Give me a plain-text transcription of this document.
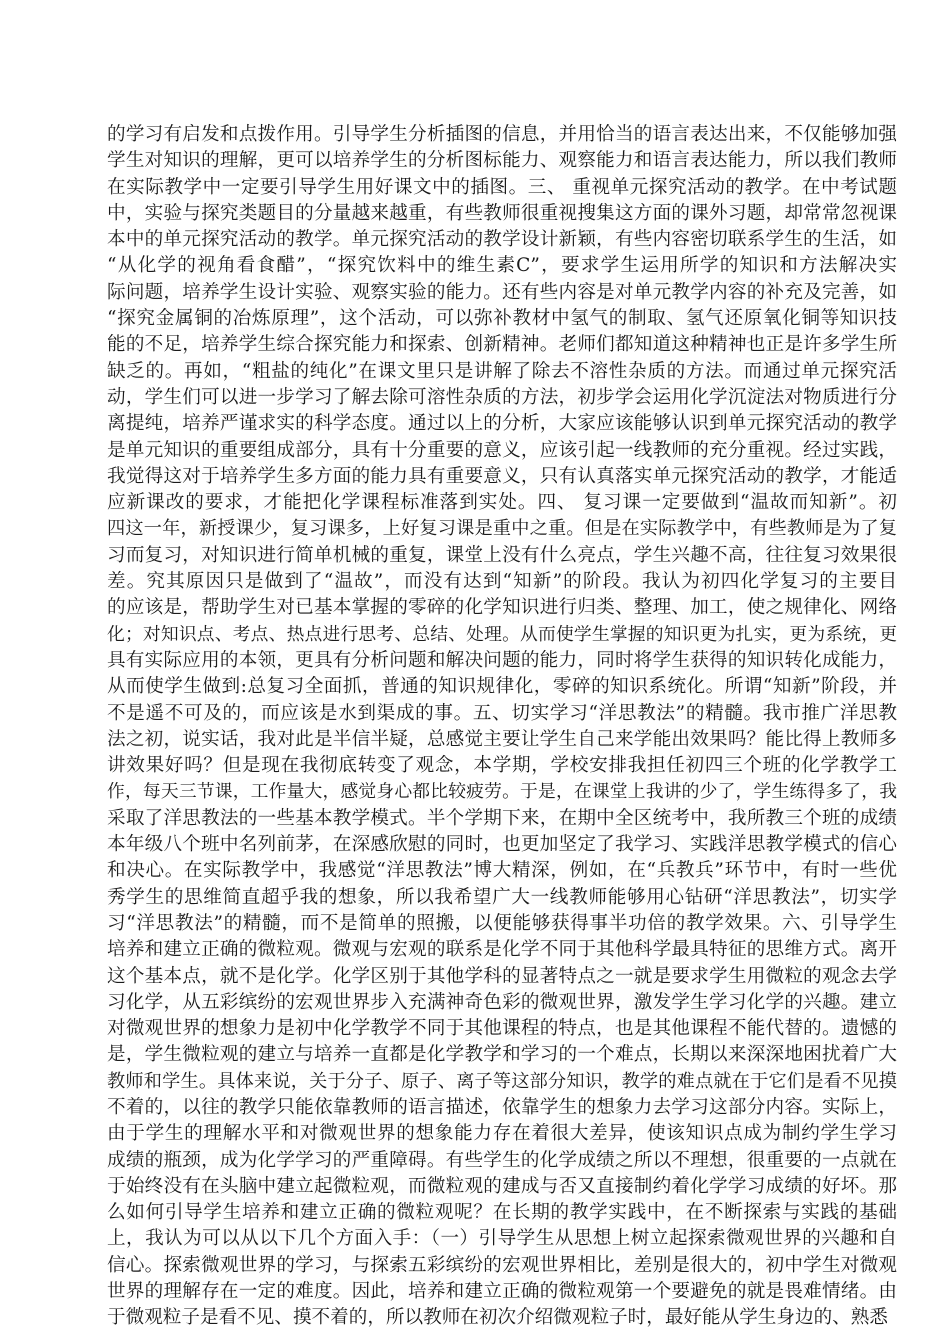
的学习有启发和点拨作用。引导学生分析插图的信息，并用恰当的语言表达出来，不仅能够加强
学生对知识的理解，更可以培养学生的分析图标能力、观察能力和语言表达能力，所以我们教师
在实际教学中一定要引导学生用好课文中的插图。三、 重视单元探究活动的教学。在中考试题
中，实验与探究类题目的分量越来越重，有些教师很重视搜集这方面的课外习题，却常常忽视课
本中的单元探究活动的教学。单元探究活动的教学设计新颖，有些内容密切联系学生的生活，如
“从化学的视角看食醋”，“探究饮料中的维生素C”，要求学生运用所学的知识和方法解决实
际问题，培养学生设计实验、观察实验的能力。还有些内容是对单元教学内容的补充及完善，如
“探究金属铜的冶炼原理”，这个活动，可以弥补教材中氢气的制取、氢气还原氧化铜等知识技
能的不足，培养学生综合探究能力和探索、创新精神。老师们都知道这种精神也正是许多学生所
缺乏的。再如，“粗盐的纯化”在课文里只是讲解了除去不溶性杂质的方法。而通过单元探究活
动，学生们可以进一步学习了解去除可溶性杂质的方法，初步学会运用化学沉淀法对物质进行分
离提纯，培养严谨求实的科学态度。通过以上的分析，大家应该能够认识到单元探究活动的教学
是单元知识的重要组成部分，具有十分重要的意义，应该引起一线教师的充分重视。经过实践，
我觉得这对于培养学生多方面的能力具有重要意义，只有认真落实单元探究活动的教学，才能适
应新课改的要求，才能把化学课程标准落到实处。四、 复习课一定要做到“温故而知新”。初
四这一年，新授课少，复习课多，上好复习课是重中之重。但是在实际教学中，有些教师是为了复
习而复习，对知识进行简单机械的重复，课堂上没有什么亮点，学生兴趣不高，往往复习效果很
差。究其原因只是做到了“温故”，而没有达到“知新”的阶段。我认为初四化学复习的主要目
的应该是，帮助学生对已基本掌握的零碎的化学知识进行归类、整理、加工，使之规律化、网络
化；对知识点、考点、热点进行思考、总结、处理。从而使学生掌握的知识更为扎实，更为系统，更
具有实际应用的本领，更具有分析问题和解决问题的能力，同时将学生获得的知识转化成能力，
从而使学生做到:总复习全面抓，普通的知识规律化，零碎的知识系统化。所谓“知新”阶段，并
不是遥不可及的，而应该是水到渠成的事。五、切实学习“洋思教法”的精髓。我市推广洋思教
法之初，说实话，我对此是半信半疑，总感觉主要让学生自己来学能出效果吗？能比得上教师多
讲效果好吗？但是现在我彻底转变了观念，本学期，学校安排我担任初四三个班的化学教学工
作，每天三节课，工作量大，感觉身心都比较疲劳。于是，在课堂上我讲的少了，学生练得多了，我
采取了洋思教法的一些基本教学模式。半个学期下来，在期中全区统考中，我所教三个班的成绩
本年级八个班中名列前茅，在深感欣慰的同时，也更加坚定了我学习、实践洋思教学模式的信心
和决心。在实际教学中，我感觉“洋思教法”博大精深，例如，在“兵教兵”环节中，有时一些优
秀学生的思维简直超乎我的想象，所以我希望广大一线教师能够用心钻研“洋思教法”，切实学
习“洋思教法”的精髓，而不是简单的照搬，以便能够获得事半功倍的教学效果。六、引导学生
培养和建立正确的微粒观。微观与宏观的联系是化学不同于其他科学最具特征的思维方式。离开
这个基本点，就不是化学。化学区别于其他学科的显著特点之一就是要求学生用微粒的观念去学
习化学，从五彩缤纷的宏观世界步入充满神奇色彩的微观世界，激发学生学习化学的兴趣。建立
对微观世界的想象力是初中化学教学不同于其他课程的特点，也是其他课程不能代替的。遗憾的
是，学生微粒观的建立与培养一直都是化学教学和学习的一个难点，长期以来深深地困扰着广大
教师和学生。具体来说，关于分子、原子、离子等这部分知识，教学的难点就在于它们是看不见摸
不着的，以往的教学只能依靠教师的语言描述，依靠学生的想象力去学习这部分内容。实际上，
由于学生的理解水平和对微观世界的想象能力存在着很大差异，使该知识点成为制约学生学习
成绩的瓶颈，成为化学学习的严重障碍。有些学生的化学成绩之所以不理想，很重要的一点就在
于始终没有在头脑中建立起微粒观，而微粒观的建成与否又直接制约着化学学习成绩的好坏。那
么如何引导学生培养和建立正确的微粒观呢？在长期的教学实践中，在不断探索与实践的基础
上，我认为可以从以下几个方面入手：（一）引导学生从思想上树立起探索微观世界的兴趣和自
信心。探索微观世界的学习，与探索五彩缤纷的宏观世界相比，差别是很大的，初中学生对微观
世界的理解存在一定的难度。因此，培养和建立正确的微粒观第一个要避免的就是畏难情绪。由
于微观粒子是看不见、摸不着的，所以教师在初次介绍微观粒子时，最好能从学生身边的、熟悉
